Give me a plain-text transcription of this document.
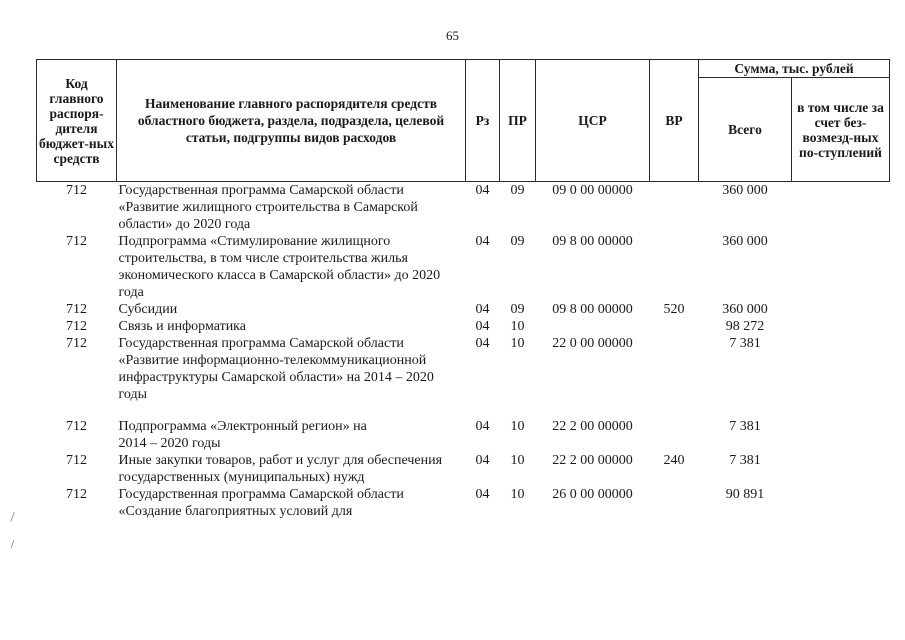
65
Код главного распоря-дителя бюджет-ных средств	Наименование главного распорядителя средств областного бюджета, раздела, подраздела, целевой статьи, подгруппы видов расходов	Рз	ПР	ЦСР	ВР	Сумма, тыс. рублей	
						Всего	в том числе за счет без-возмезд-ных по-ступлений
712	Государственная программа Самарской области «Развитие жилищного строительства в Самарской области» до 2020 года	04	09	09 0 00 00000		360 000	
712	Подпрограмма «Стимулирование жилищного строительства, в том числе строительства жилья экономического класса в Самарской области» до 2020 года	04	09	09 8 00 00000		360 000	
712	Субсидии	04	09	09 8 00 00000	520	360 000	
712	Связь и информатика	04	10			98 272	
712	Государственная программа Самарской области «Развитие информационно-телекоммуникационной инфраструктуры Самарской области» на 2014 – 2020 годы	04	10	22 0 00 00000		7 381	
712	Подпрограмма «Электронный регион» на 2014 – 2020 годы	04	10	22 2 00 00000		7 381	
712	Иные закупки товаров, работ и услуг для обеспечения государственных (муниципальных) нужд	04	10	22 2 00 00000	240	7 381	
712	Государственная программа Самарской области «Создание благоприятных условий для	04	10	26 0 00 00000		90 891	
